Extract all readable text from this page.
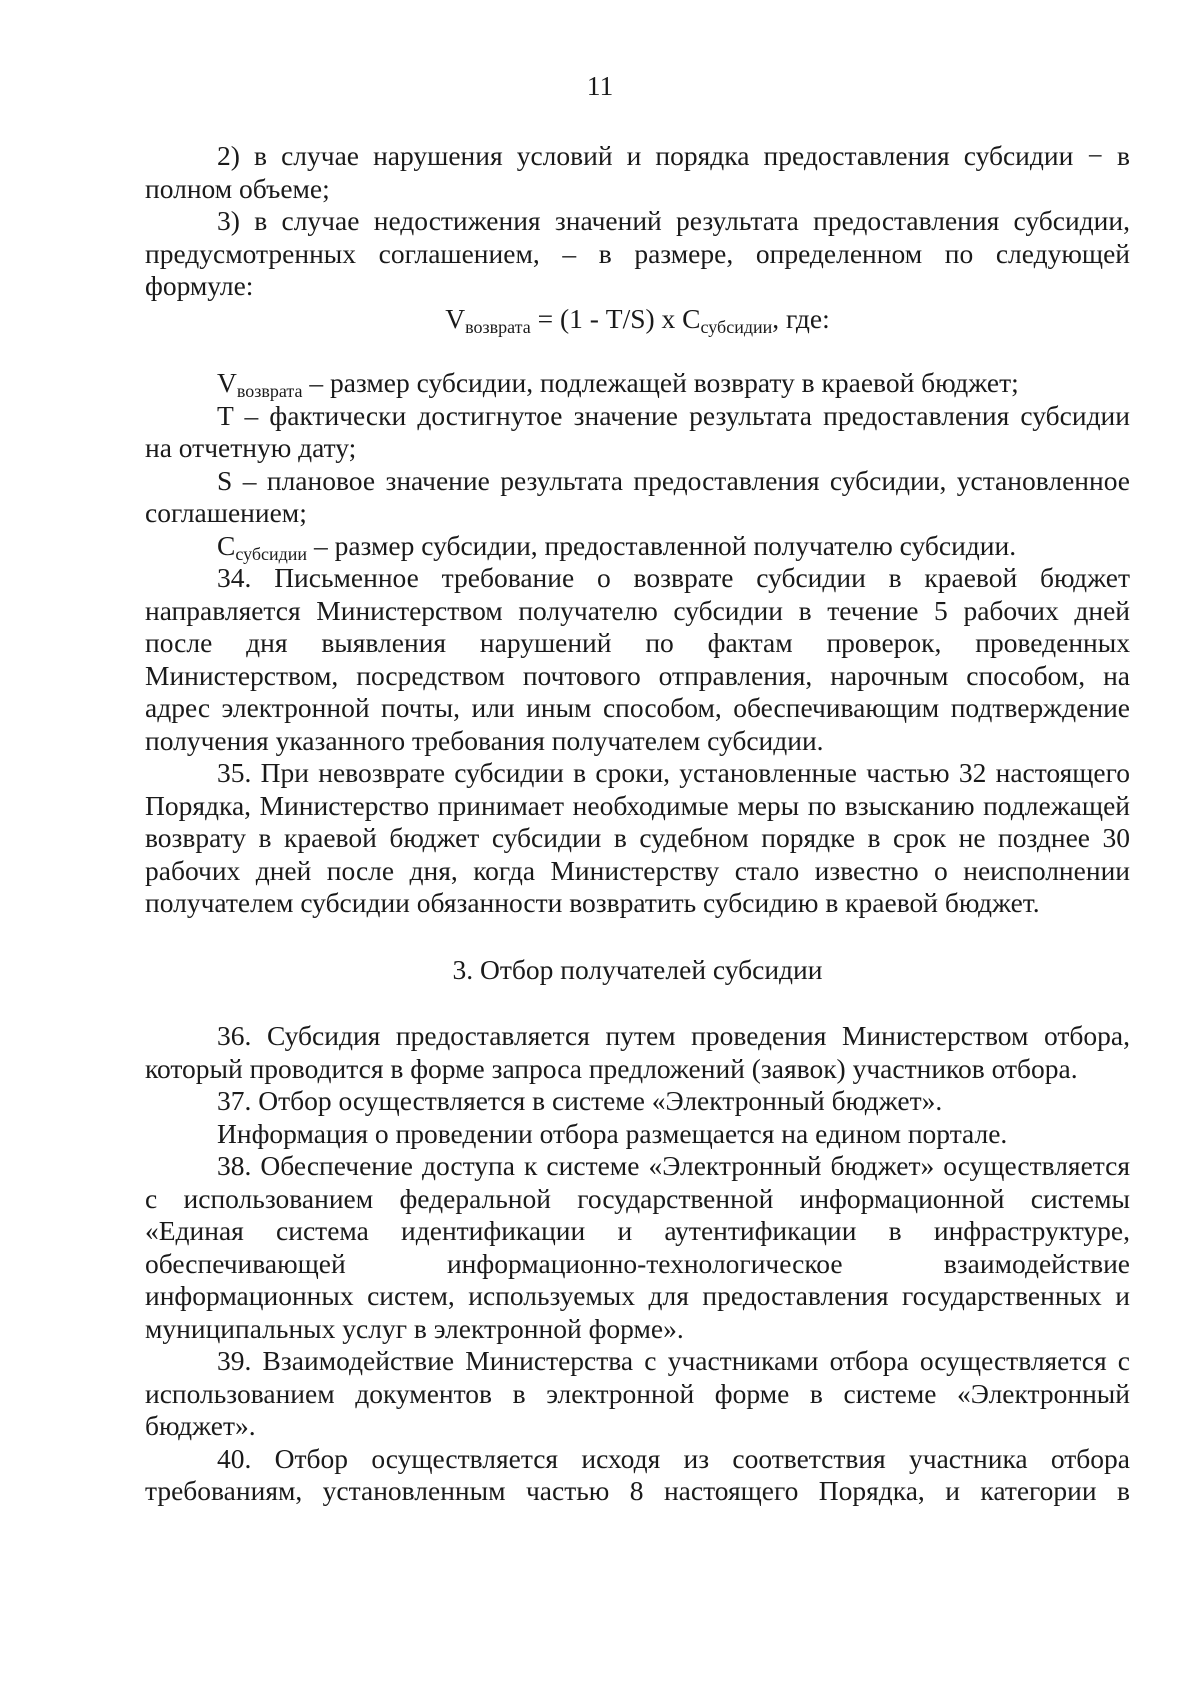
11

2) в случае нарушения условий и порядка предоставления субсидии − в полном объеме;

3) в случае недостижения значений результата предоставления субсидии, предусмотренных соглашением, – в размере, определенном по следующей формуле:

$V_{возврата} = (1 - T/S)$ x $C_{субсидии}$, где:

$V_{возврата}$ – размер субсидии, подлежащей возврату в краевой бюджет;

T – фактически достигнутое значение результата предоставления субсидии на отчетную дату;

S – плановое значение результата предоставления субсидии, установленное соглашением;

$C_{субсидии}$ – размер субсидии, предоставленной получателю субсидии.

34. Письменное требование о возврате субсидии в краевой бюджет направляется Министерством получателю субсидии в течение 5 рабочих дней после дня выявления нарушений по фактам проверок, проведенных Министерством, посредством почтового отправления, нарочным способом, на адрес электронной почты, или иным способом, обеспечивающим подтверждение получения указанного требования получателем субсидии.

35. При невозврате субсидии в сроки, установленные частью 32 настоящего Порядка, Министерство принимает необходимые меры по взысканию подлежащей возврату в краевой бюджет субсидии в судебном порядке в срок не позднее 30 рабочих дней после дня, когда Министерству стало известно о неисполнении получателем субсидии обязанности возвратить субсидию в краевой бюджет.

3. Отбор получателей субсидии

36. Субсидия предоставляется путем проведения Министерством отбора, который проводится в форме запроса предложений (заявок) участников отбора.

37. Отбор осуществляется в системе «Электронный бюджет».

Информация о проведении отбора размещается на едином портале.

38. Обеспечение доступа к системе «Электронный бюджет» осуществляется с использованием федеральной государственной информационной системы «Единая система идентификации и аутентификации в инфраструктуре, обеспечивающей информационно-технологическое взаимодействие информационных систем, используемых для предоставления государственных и муниципальных услуг в электронной форме».

39. Взаимодействие Министерства с участниками отбора осуществляется с использованием документов в электронной форме в системе «Электронный бюджет».

40. Отбор осуществляется исходя из соответствия участника отбора требованиям, установленным частью 8 настоящего Порядка, и категории в
